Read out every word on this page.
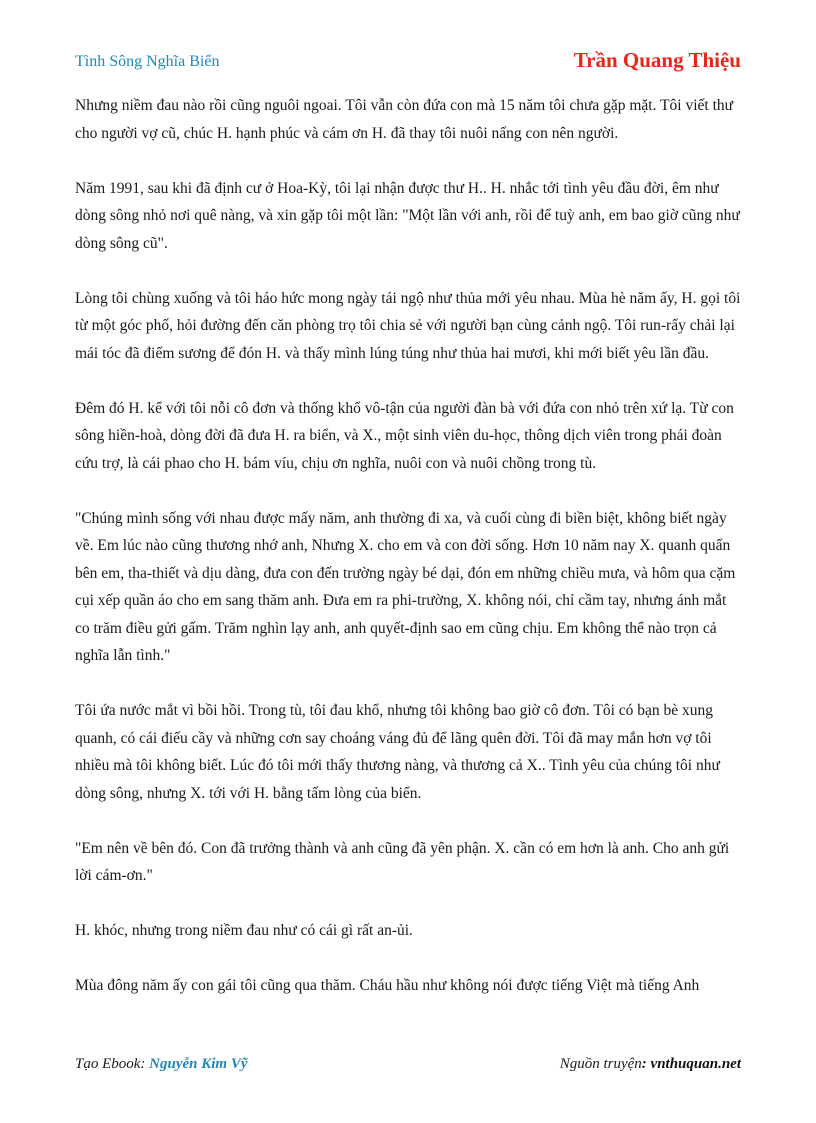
Tình Sông Nghĩa Biển	Trần Quang Thiệu

Nhưng niềm đau nào rồi cũng nguôi ngoai. Tôi vẫn còn đứa con mà 15 năm tôi chưa gặp mặt. Tôi viết thư cho người vợ cũ, chúc H. hạnh phúc và cám ơn H. đã thay tôi nuôi nấng con nên người.

Năm 1991, sau khi đã định cư ở Hoa-Kỳ, tôi lại nhận được thư H.. H. nhắc tới tình yêu đầu đời, êm như dòng sông nhỏ nơi quê nàng, và xin gặp tôi một lần: "Một lần với anh, rồi để tuỳ anh, em bao giờ cũng như dòng sông cũ".

Lòng tôi chùng xuống và tôi háo hức mong ngày tái ngộ như thủa mới yêu nhau. Mùa hè năm ấy, H. gọi tôi từ một góc phố, hỏi đường đến căn phòng trọ tôi chia sẻ với người bạn cùng cảnh ngộ. Tôi run-rẩy chải lại mái tóc đã điểm sương để đón H. và thấy mình lúng túng như thủa hai mươi, khi mới biết yêu lần đầu.

Đêm đó H. kể với tôi nỗi cô đơn và thống khổ vô-tận của người đàn bà với đứa con nhỏ trên xứ lạ. Từ con sông hiền-hoà, dòng đời đã đưa H. ra biển, và X., một sinh viên du-học, thông dịch viên trong phái đoàn cứu trợ, là cái phao cho H. bám víu, chịu ơn nghĩa, nuôi con và nuôi chồng trong tù.

"Chúng mình sống với nhau được mấy năm, anh thường đi xa, và cuối cùng đi biền biệt, không biết ngày về. Em lúc nào cũng thương nhớ anh, Nhưng X. cho em và con đời sống. Hơn 10 năm nay X. quanh quẩn bên em, tha-thiết và dịu dàng, đưa con đến trường ngày bé dại, đón em những chiều mưa, và hôm qua cặm cụi xếp quần áo cho em sang thăm anh. Đưa em ra phi-trường, X. không nói, chỉ cầm tay, nhưng ánh mắt co trăm điều gửi gấm. Trăm nghìn lạy anh, anh quyết-định sao em cũng chịu. Em không thể nào trọn cả nghĩa lẫn tình."

Tôi ứa nước mắt vì bồi hồi. Trong tù, tôi đau khổ, nhưng tôi không bao giờ cô đơn. Tôi có bạn bè xung quanh, có cái điếu cầy và những cơn say choáng váng đủ để lãng quên đời. Tôi đã may mắn hơn vợ tôi nhiều mà tôi không biết. Lúc đó tôi mới thấy thương nàng, và thương cả X.. Tình yêu của chúng tôi như dòng sông, nhưng X. tới với H. bằng tấm lòng của biển.

"Em nên về bên đó. Con đã trưởng thành và anh cũng đã yên phận. X. cần có em hơn là anh. Cho anh gửi lời cám-ơn."

H. khóc, nhưng trong niềm đau như có cái gì rất an-ủi.

Mùa đông năm ấy con gái tôi cũng qua thăm. Cháu hầu như không nói được tiếng Việt mà tiếng Anh

Tạo Ebook: Nguyễn Kim Vỹ	Nguồn truyện: vnthuquan.net
